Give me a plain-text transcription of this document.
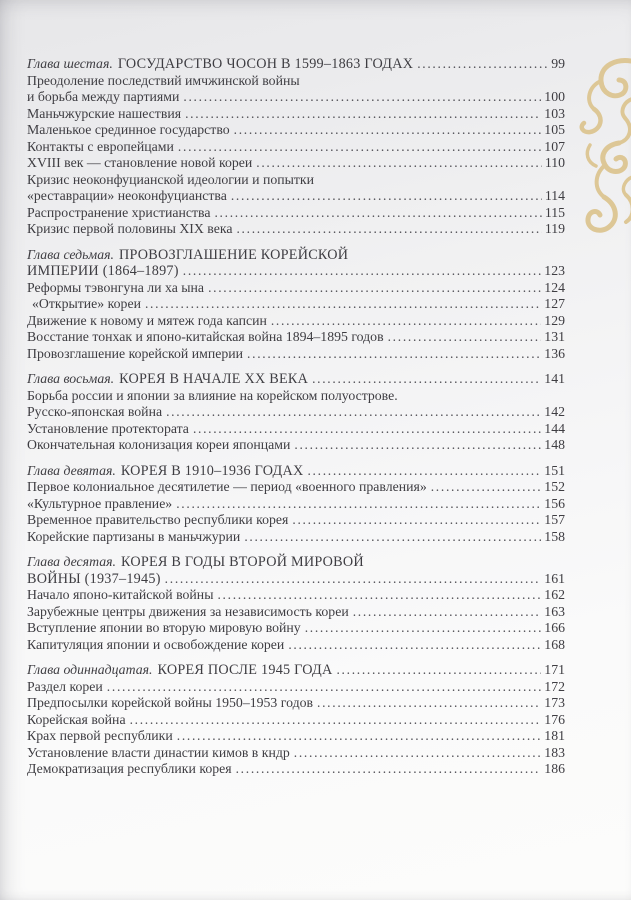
Глава шестая. ГОСУДАРСТВО ЧОСОН В 1599–1863 ГОДАХ .....	99
Преодоление последствий имчжинской войны
и борьба между партиями .....	100
Маньчжурские нашествия .....	103
Маленькое срединное государство .....	105
Контакты с европейцами .....	107
XVIII век — становление новой кореи .....	110
Кризис неоконфуцианской идеологии и попытки
«реставрации» неоконфуцианства .....	114
Распространение христианства .....	115
Кризис первой половины XIX века .....	119
Глава седьмая. ПРОВОЗГЛАШЕНИЕ КОРЕЙСКОЙ
ИМПЕРИИ (1864–1897) .....	123
Реформы тэвонгуна ли ха ына .....	124
«Открытие» кореи .....	127
Движение к новому и мятеж года капсин .....	129
Восстание тонхак и японо-китайская война 1894–1895 годов .....	131
Провозглашение корейской империи .....	136
Глава восьмая. КОРЕЯ В НАЧАЛЕ XX ВЕКА .....	141
Борьба россии и японии за влияние на корейском полуострове.
Русско-японская война .....	142
Установление протектората .....	144
Окончательная колонизация кореи японцами .....	148
Глава девятая. КОРЕЯ В 1910–1936 ГОДАХ .....	151
Первое колониальное десятилетие — период «военного правления» .....	152
«Культурное правление» .....	156
Временное правительство республики корея .....	157
Корейские партизаны в маньчжурии .....	158
Глава десятая. КОРЕЯ В ГОДЫ ВТОРОЙ МИРОВОЙ
ВОЙНЫ (1937–1945) .....	161
Начало японо-китайской войны .....	162
Зарубежные центры движения за независимость кореи .....	163
Вступление японии во вторую мировую войну .....	166
Капитуляция японии и освобождение кореи .....	168
Глава одиннадцатая. КОРЕЯ ПОСЛЕ 1945 ГОДА .....	171
Раздел кореи .....	172
Предпосылки корейской войны 1950–1953 годов .....	173
Корейская война .....	176
Крах первой республики .....	181
Установление власти династии кимов в кндр .....	183
Демократизация республики корея .....	186
